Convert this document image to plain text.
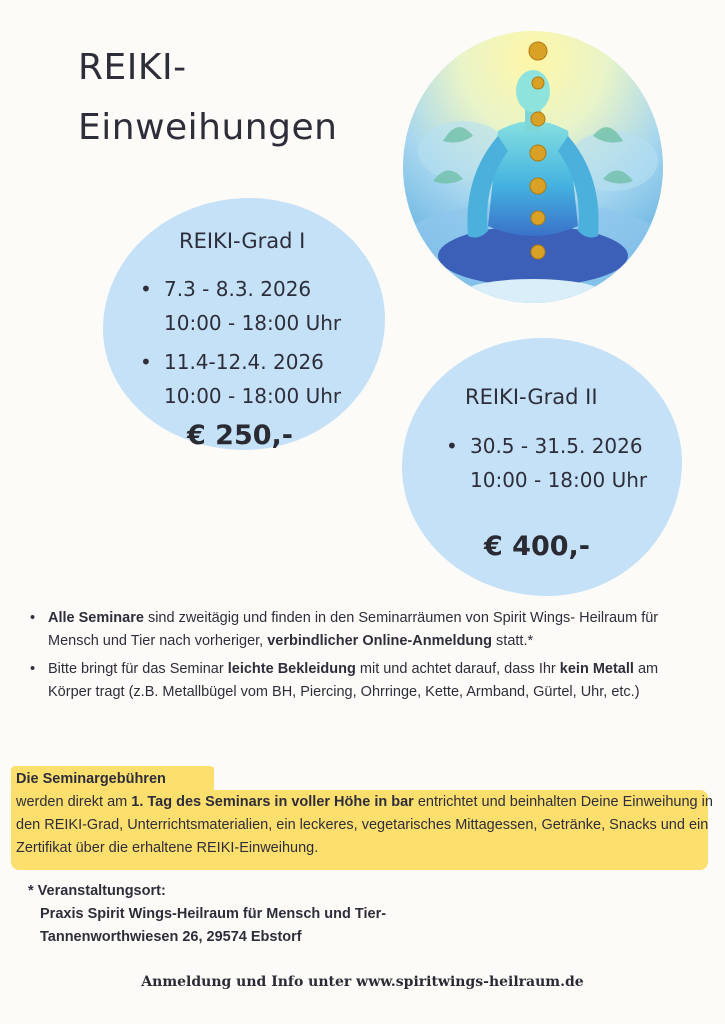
REIKI-
Einweihungen
REIKI-Grad I
• 7.3 - 8.3. 2026
10:00 - 18:00 Uhr
• 11.4-12.4. 2026
10:00 - 18:00 Uhr
€ 250,-
REIKI-Grad II
• 30.5 - 31.5. 2026
10:00 - 18:00 Uhr
€ 400,-
• Alle Seminare sind zweitägig und finden in den Seminarräumen von Spirit Wings- Heilraum für Mensch und Tier nach vorheriger, verbindlicher Online-Anmeldung statt.*
• Bitte bringt für das Seminar leichte Bekleidung mit und achtet darauf, dass Ihr kein Metall am Körper tragt (z.B. Metallbügel vom BH, Piercing, Ohrringe, Kette, Armband, Gürtel, Uhr, etc.)
Die Seminargebühren
werden direkt am 1. Tag des Seminars in voller Höhe in bar entrichtet und beinhalten Deine Einweihung in den REIKI-Grad, Unterrichtsmaterialien, ein leckeres, vegetarisches Mittagessen, Getränke, Snacks und ein Zertifikat über die erhaltene REIKI-Einweihung.
* Veranstaltungsort:
Praxis Spirit Wings-Heilraum für Mensch und Tier-
Tannenworthwiesen 26, 29574 Ebstorf
Anmeldung und Info unter www.spiritwings-heilraum.de
